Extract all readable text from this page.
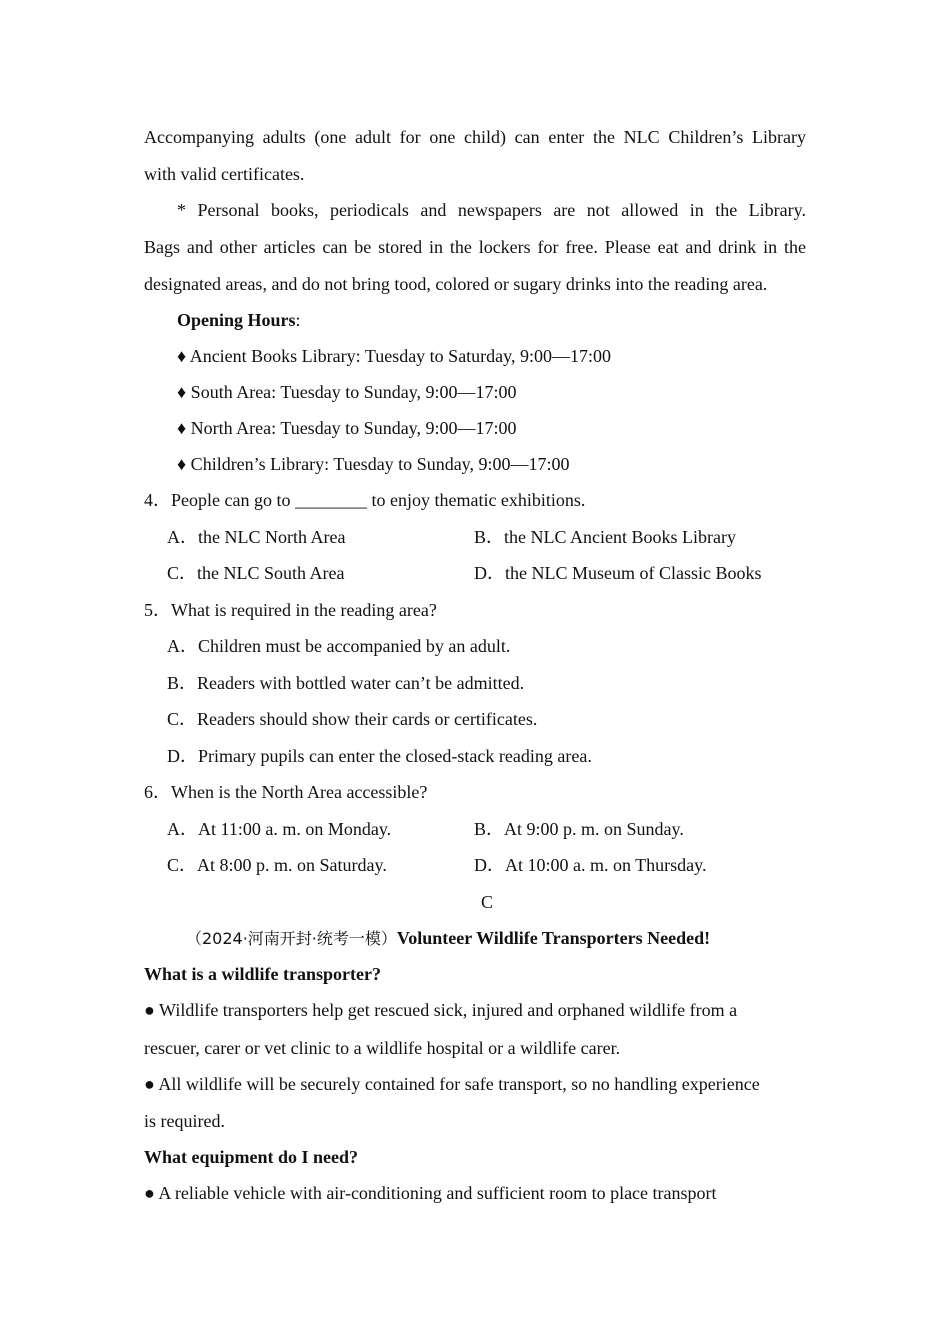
Accompanying adults (one adult for one child) can enter the NLC Children’s Library
with valid certificates.
* Personal books, periodicals and newspapers are not allowed in the Library.
Bags and other articles can be stored in the lockers for free. Please eat and drink in the
designated areas, and do not bring tood, colored or sugary drinks into the reading area.
Opening Hours:
♦ Ancient Books Library: Tuesday to Saturday, 9:00—17:00
♦ South Area: Tuesday to Sunday, 9:00—17:00
♦ North Area: Tuesday to Sunday, 9:00—17:00
♦ Children’s Library: Tuesday to Sunday, 9:00—17:00
4．People can go to ________ to enjoy thematic exhibitions.
A．the NLC North Area	B．the NLC Ancient Books Library
C．the NLC South Area	D．the NLC Museum of Classic Books
5．What is required in the reading area?
A．Children must be accompanied by an adult.
B．Readers with bottled water can’t be admitted.
C．Readers should show their cards or certificates.
D．Primary pupils can enter the closed-stack reading area.
6．When is the North Area accessible?
A．At 11:00 a. m. on Monday.	B．At 9:00 p. m. on Sunday.
C．At 8:00 p. m. on Saturday.	D．At 10:00 a. m. on Thursday.
C
（2024·河南开封·统考一模）Volunteer Wildlife Transporters Needed!
What is a wildlife transporter?
● Wildlife transporters help get rescued sick, injured and orphaned wildlife from a
rescuer, carer or vet clinic to a wildlife hospital or a wildlife carer.
● All wildlife will be securely contained for safe transport, so no handling experience
is required.
What equipment do I need?
● A reliable vehicle with air-conditioning and sufficient room to place transport
